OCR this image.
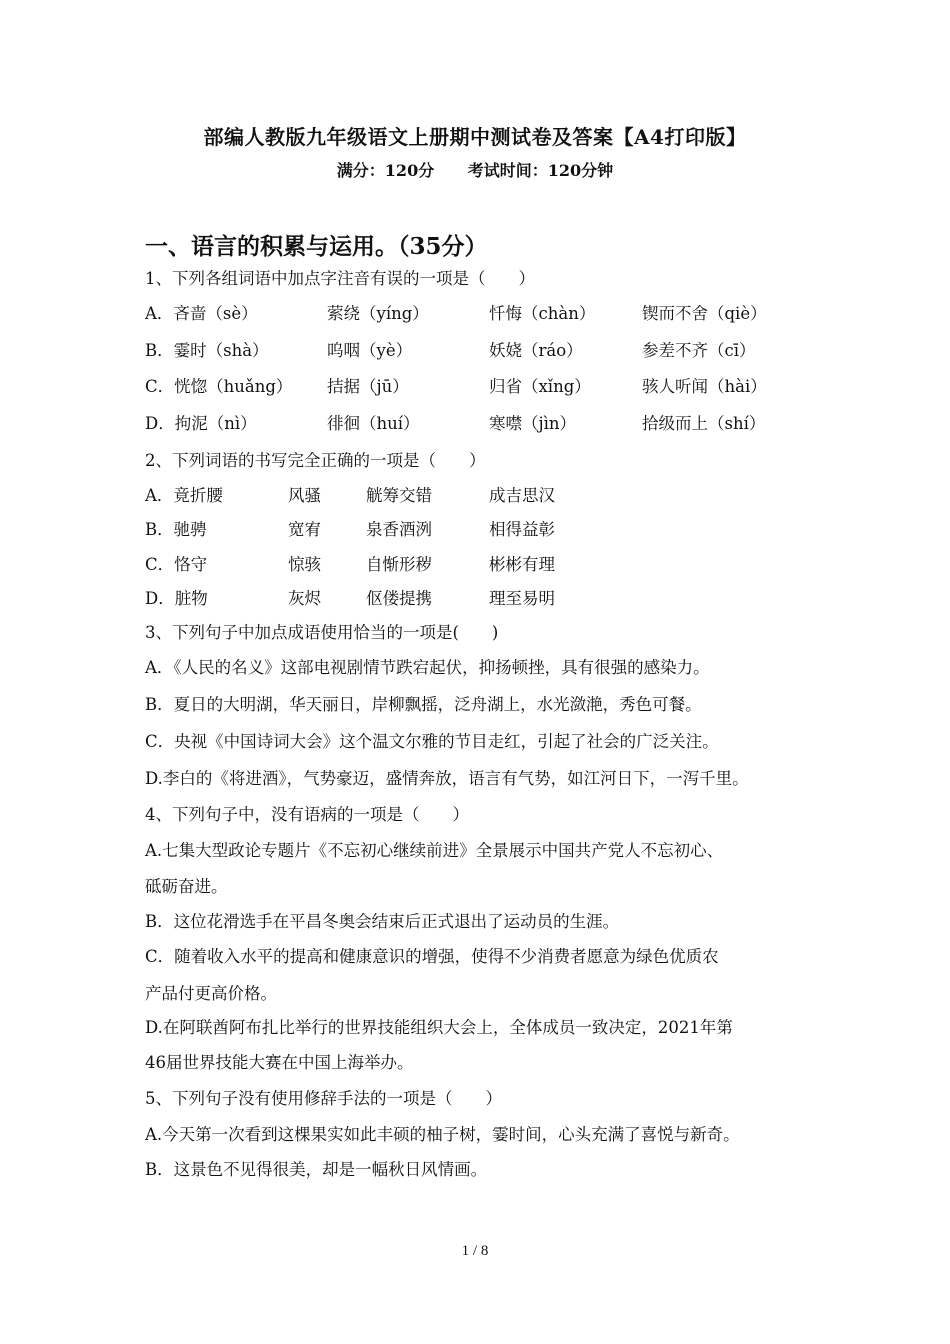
部编人教版九年级语文上册期中测试卷及答案【A4打印版】
满分：120分 考试时间：120分钟
一、语言的积累与运用。（35分）
1、下列各组词语中加点字注音有误的一项是（　　）
A．吝啬（sè）	萦绕（yíng）	忏悔（chàn）	锲而不舍（qiè）
B．霎时（shà）	呜咽（yè）	妖娆（ráo）	参差不齐（cī）
C．恍惚（huǎng） 拮据（jū）	归省（xǐng）	骇人听闻（hài）
D．拘泥（nì）	徘徊（huí）	寒噤（jìn）	拾级而上（shí）
2、下列词语的书写完全正确的一项是（　　）
A．竟折腰	风骚	觥筹交错	成吉思汉
B．驰骋	宽宥	泉香酒洌	相得益彰
C．恪守	惊骇	自惭形秽	彬彬有理
D．脏物	灰烬	伛偻提携	理至易明
3、下列句子中加点成语使用恰当的一项是(　　)
A．《人民的名义》这部电视剧情节跌宕起伏，抑扬顿挫，具有很强的感染力。
B．夏日的大明湖，华天丽日，岸柳飘摇，泛舟湖上，水光潋滟，秀色可餐。
C．央视《中国诗词大会》这个温文尔雅的节目走红，引起了社会的广泛关注。
D.李白的《将进酒》，气势豪迈，盛情奔放，语言有气势，如江河日下，一泻千里。
4、下列句子中，没有语病的一项是（　　）
A.七集大型政论专题片《不忘初心继续前进》全景展示中国共产党人不忘初心、
砥砺奋进。
B．这位花滑选手在平昌冬奥会结束后正式退出了运动员的生涯。
C．随着收入水平的提高和健康意识的增强，使得不少消费者愿意为绿色优质农
产品付更高价格。
D.在阿联酋阿布扎比举行的世界技能组织大会上，全体成员一致决定，2021年第
46届世界技能大赛在中国上海举办。
5、下列句子没有使用修辞手法的一项是（　　）
A.今天第一次看到这棵果实如此丰硕的柚子树，霎时间，心头充满了喜悦与新奇。
B．这景色不见得很美，却是一幅秋日风情画。
1 / 8
